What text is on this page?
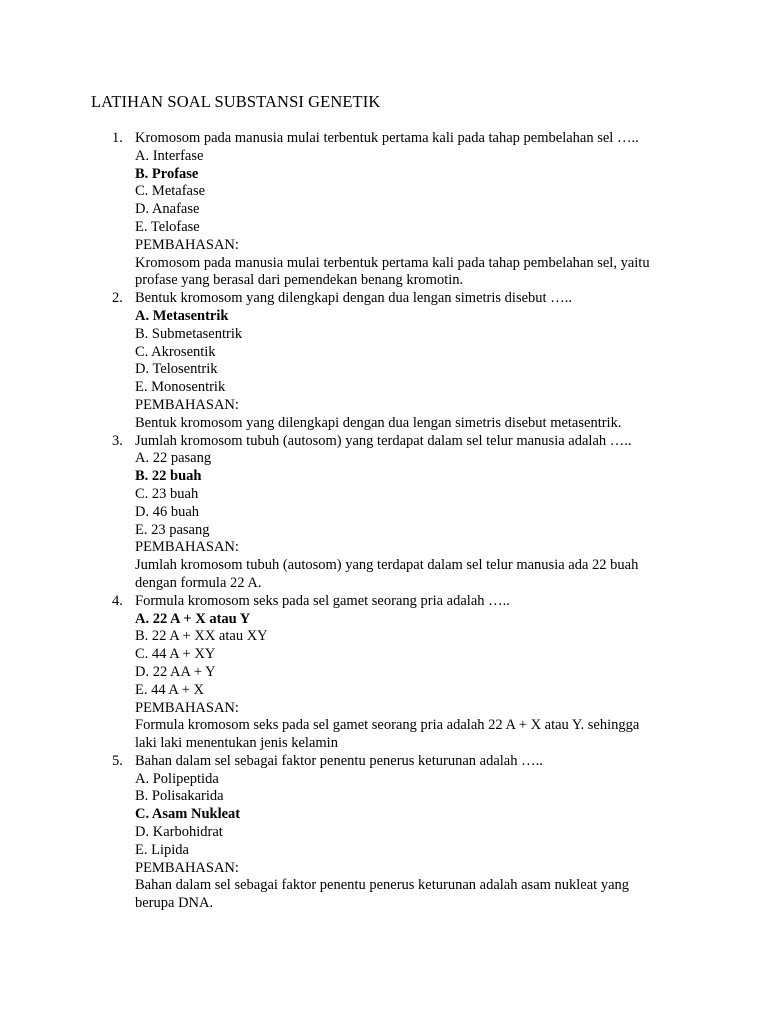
LATIHAN SOAL SUBSTANSI GENETIK
1. Kromosom pada manusia mulai terbentuk pertama kali pada tahap pembelahan sel …..
A. Interfase
B. Profase
C. Metafase
D. Anafase
E. Telofase
PEMBAHASAN:
Kromosom pada manusia mulai terbentuk pertama kali pada tahap pembelahan sel, yaitu
profase yang berasal dari pemendekan benang kromotin.
2. Bentuk kromosom yang dilengkapi dengan dua lengan simetris disebut …..
A. Metasentrik
B. Submetasentrik
C. Akrosentik
D. Telosentrik
E. Monosentrik
PEMBAHASAN:
Bentuk kromosom yang dilengkapi dengan dua lengan simetris disebut metasentrik.
3. Jumlah kromosom tubuh (autosom) yang terdapat dalam sel telur manusia adalah …..
A. 22 pasang
B. 22 buah
C. 23 buah
D. 46 buah
E. 23 pasang
PEMBAHASAN:
Jumlah kromosom tubuh (autosom) yang terdapat dalam sel telur manusia ada 22 buah
dengan formula 22 A.
4. Formula kromosom seks pada sel gamet seorang pria adalah …..
A. 22 A + X atau Y
B. 22 A + XX atau XY
C. 44 A + XY
D. 22 AA + Y
E. 44 A + X
PEMBAHASAN:
Formula kromosom seks pada sel gamet seorang pria adalah 22 A + X atau Y. sehingga
laki laki menentukan jenis kelamin
5. Bahan dalam sel sebagai faktor penentu penerus keturunan adalah …..
A. Polipeptida
B. Polisakarida
C. Asam Nukleat
D. Karbohidrat
E. Lipida
PEMBAHASAN:
Bahan dalam sel sebagai faktor penentu penerus keturunan adalah asam nukleat yang
berupa DNA.
